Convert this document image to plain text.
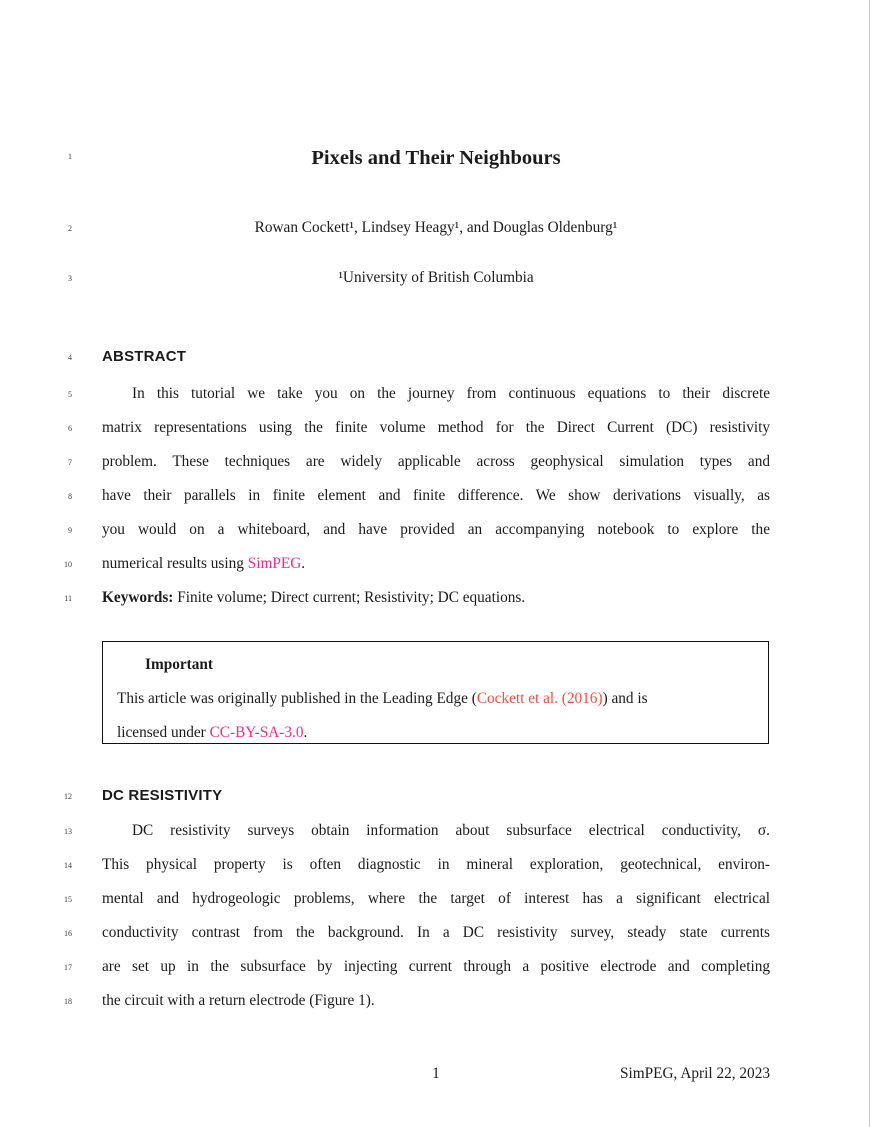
1	Pixels and Their Neighbours
2	Rowan Cockett¹, Lindsey Heagy¹, and Douglas Oldenburg¹
3	¹University of British Columbia
4 ABSTRACT
5	In this tutorial we take you on the journey from continuous equations to their discrete
6 matrix representations using the finite volume method for the Direct Current (DC) resistivity
7 problem. These techniques are widely applicable across geophysical simulation types and
8 have their parallels in finite element and finite difference. We show derivations visually, as
9 you would on a whiteboard, and have provided an accompanying notebook to explore the
10 numerical results using SimPEG.
11 Keywords: Finite volume; Direct current; Resistivity; DC equations.
Important
This article was originally published in the Leading Edge (Cockett et al. (2016)) and is
licensed under CC-BY-SA-3.0.
12 DC RESISTIVITY
13	DC resistivity surveys obtain information about subsurface electrical conductivity, σ.
14 This physical property is often diagnostic in mineral exploration, geotechnical, environ-
15 mental and hydrogeologic problems, where the target of interest has a significant electrical
16 conductivity contrast from the background. In a DC resistivity survey, steady state currents
17 are set up in the subsurface by injecting current through a positive electrode and completing
18 the circuit with a return electrode (Figure 1).
1	SimPEG, April 22, 2023
